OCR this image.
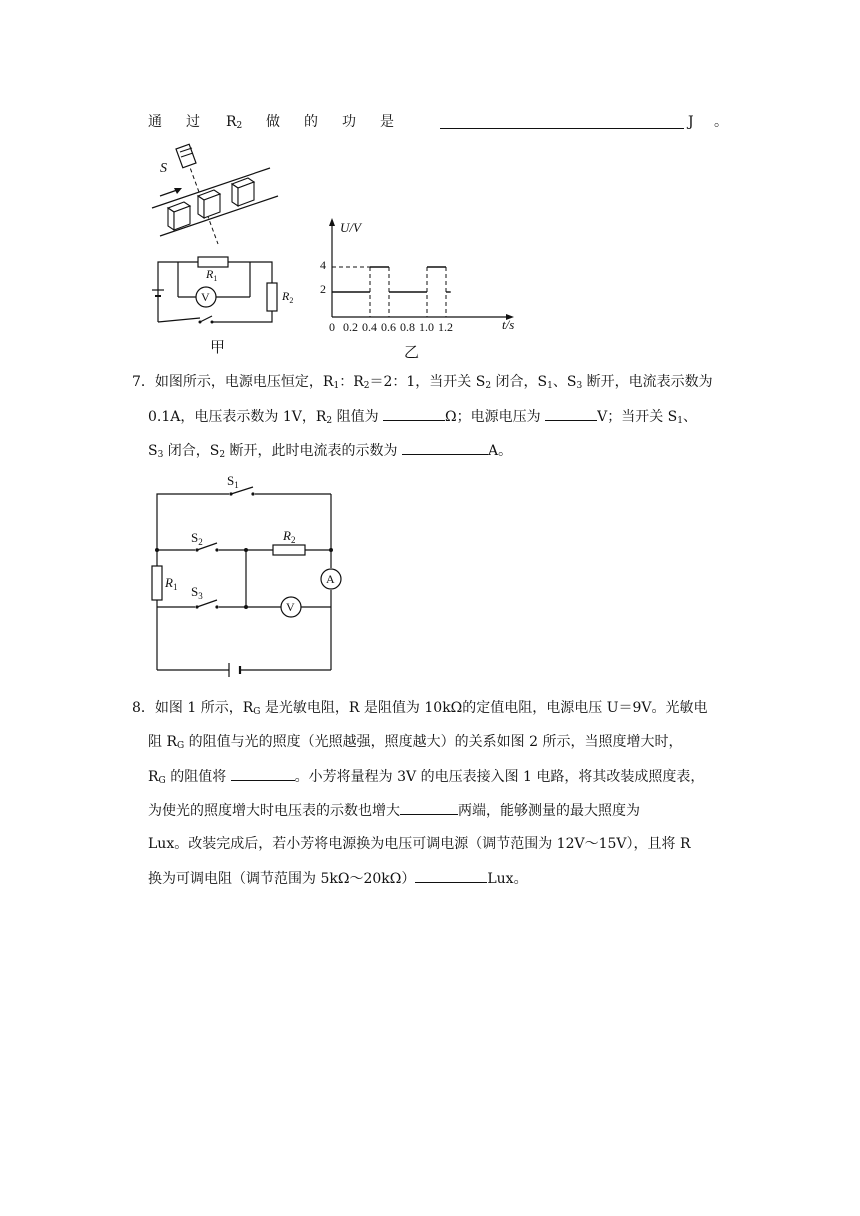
通 过 $R_2$ 做 的 功 是	J 。
S
$R_1$
V	$R_2$
甲
U/V
t/s
4
2
0 0.2 0.4 0.6 0.8 1.0 1.2
乙
7．如图所示，电源电压恒定，$R_1$：$R_2=2$：1，当开关 $S_2$ 闭合，$S_1$、$S_3$ 断开，电流表示数为
0.1A，电压表示数为 1V，$R_2$ 阻值为	Ω；电源电压为	V；当开关 $S_1$、
$S_3$ 闭合，$S_2$ 断开，此时电流表的示数为	A。
$S_1$
$S_2$
$S_3$
$R_2$
$R_1$
A
V
8．如图 1 所示，$R_G$ 是光敏电阻，R 是阻值为 10kΩ的定值电阻，电源电压 U＝9V。光敏电
阻 $R_G$ 的阻值与光的照度（光照越强，照度越大）的关系如图 2 所示，当照度增大时，
$R_G$ 的阻值将	。小芳将量程为 3V 的电压表接入图 1 电路，将其改装成照度表，
为使光的照度增大时电压表的示数也增大	两端，能够测量的最大照度为
Lux。改装完成后，若小芳将电源换为电压可调电源（调节范围为 12V～15V），且将 R
换为可调电阻（调节范围为 5kΩ～20kΩ）	Lux。
